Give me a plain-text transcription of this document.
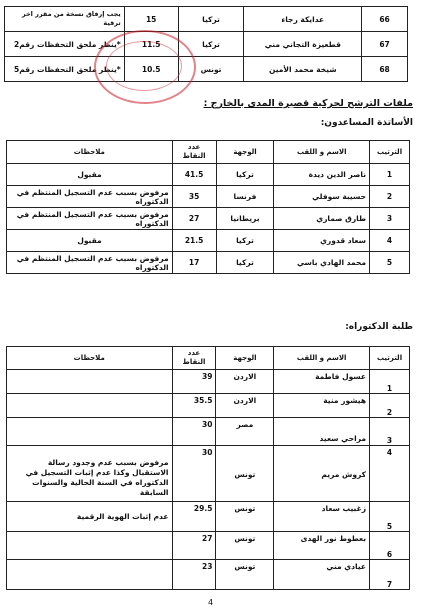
66	عدايكة رجاء	تركيا	15	يجب إرفاق نسخة من مقرر اخر ترقية
67	قطعيزة التجاني مني	تركيا	11.5	*ينظر ملحق التحفظات رقم2
68	شيخة محمد الأمين	تونس	10.5	*ينظر ملحق التحفظات رقم5
ملفات الترشح لحركية قصيرة المدى بالخارج :
الأساتذة المساعدون:
الترتيب	الاسم و اللقب	الوجهة	عدد النقاط	ملاحظات
1	ناصر الدين ديدة	تركيا	41.5	مقبول
2	حسيبة سوفلي	فرنسا	35	مرفوض بسبب عدم التسجيل المنتظم في الدكتوراه
3	طارق صماري	بريطانيا	27	مرفوض بسبب عدم التسجيل المنتظم في الدكتوراه
4	سعاد قدوري	تركيا	21.5	مقبول
5	محمد الهادي باسي	تركيا	17	مرفوض بسبب عدم التسجيل المنتظم في الدكتوراه
طلبة الدكتوراه:
الترتيب	الاسم و اللقب	الوجهة	عدد النقاط	ملاحظات
1	عسول فاطمة	الاردن	39	
2	هيشور منية	الاردن	35.5	
3	مراحي سعيد	مصر	30	
4	كروش مريم	تونس	30	مرفوض بسبب عدم وجدود رسالة الاستقبال وكذا عدم إثبات التسجيل في الدكتوراه في السنة الحالية والسنوات السابقة
5	زغبيب سعاد	تونس	29.5	عدم إثبات الهوية الرقمية
6	بعطوط نور الهدى	تونس	27	
7	عيادي مني	تونس	23	
4
